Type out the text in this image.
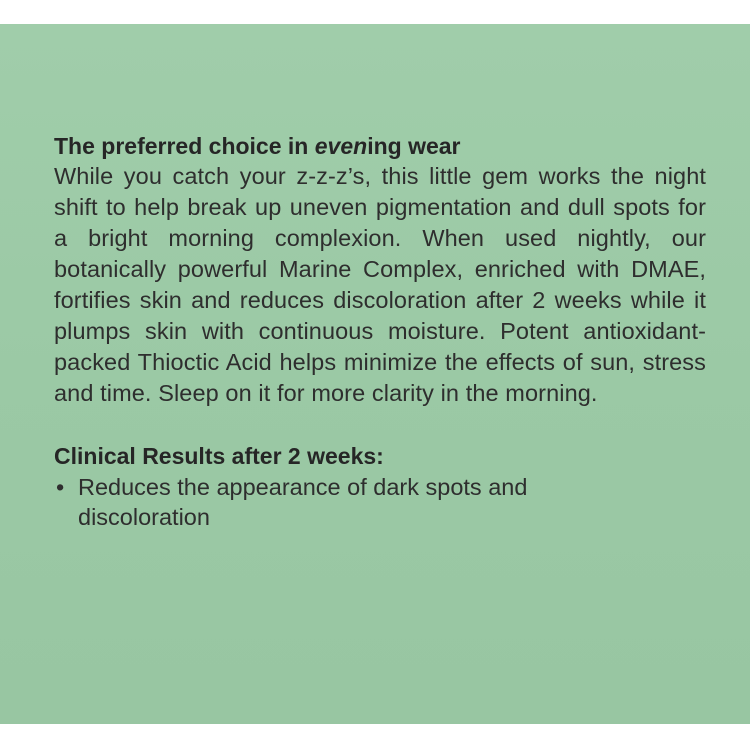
The preferred choice in evening wear

While you catch your z-z-z’s, this little gem works the night shift to help break up uneven pigmentation and dull spots for a bright morning complexion. When used nightly, our botanically powerful Marine Complex, enriched with DMAE, fortifies skin and reduces discoloration after 2 weeks while it plumps skin with continuous moisture. Potent antioxidant-packed Thioctic Acid helps minimize the effects of sun, stress and time. Sleep on it for more clarity in the morning.

Clinical Results after 2 weeks:

• Reduces the appearance of dark spots and discoloration
